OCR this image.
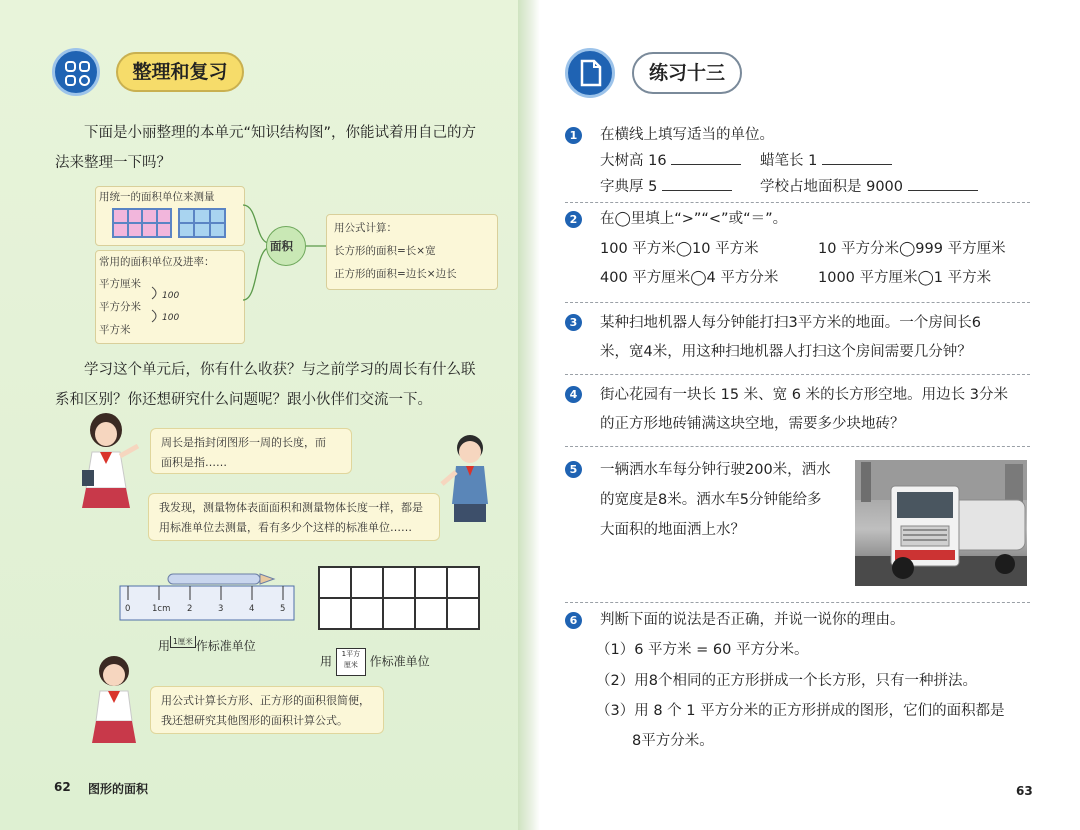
整理和复习
下面是小丽整理的本单元“知识结构图”，你能试着用自己的方
法来整理一下吗？
用统一的面积单位来测量
常用的面积单位及进率：
平方厘米
平方分米
平方米
100
100
面积
用公式计算：
长方形的面积=长×宽
正方形的面积=边长×边长
学习这个单元后，你有什么收获？与之前学习的周长有什么联
系和区别？你还想研究什么问题呢？跟小伙伴们交流一下。
周长是指封闭图形一周的长度，而
面积是指……
我发现，测量物体表面面积和测量物体长度一样，都是
用标准单位去测量，看有多少个这样的标准单位……
0	1cm 2	3	4	5
用 1厘米 作标准单位
用 1平方
厘米 作标准单位
用公式计算长方形、正方形的面积很简便，
我还想研究其他图形的面积计算公式。
62 图形的面积
练习十三
1	在横线上填写适当的单位。
大树高 16	蜡笔长 1
字典厚 5	学校占地面积是 9000
2	在◯里填上“>”“<”或“＝”。
100 平方米◯10 平方米	10 平方分米◯999 平方厘米
400 平方厘米◯4 平方分米	1000 平方厘米◯1 平方米
3	某种扫地机器人每分钟能打扫3平方米的地面。一个房间长6
米，宽4米，用这种扫地机器人打扫这个房间需要几分钟？
4	街心花园有一块长 15 米、宽 6 米的长方形空地。用边长 3分米
的正方形地砖铺满这块空地，需要多少块地砖？
5	一辆洒水车每分钟行驶200米，洒水
的宽度是8米。洒水车5分钟能给多
大面积的地面洒上水？
6	判断下面的说法是否正确，并说一说你的理由。
（1）6 平方米 = 60 平方分米。
（2）用8个相同的正方形拼成一个长方形，只有一种拼法。
（3）用 8 个 1 平方分米的正方形拼成的图形，它们的面积都是
8平方分米。
63
